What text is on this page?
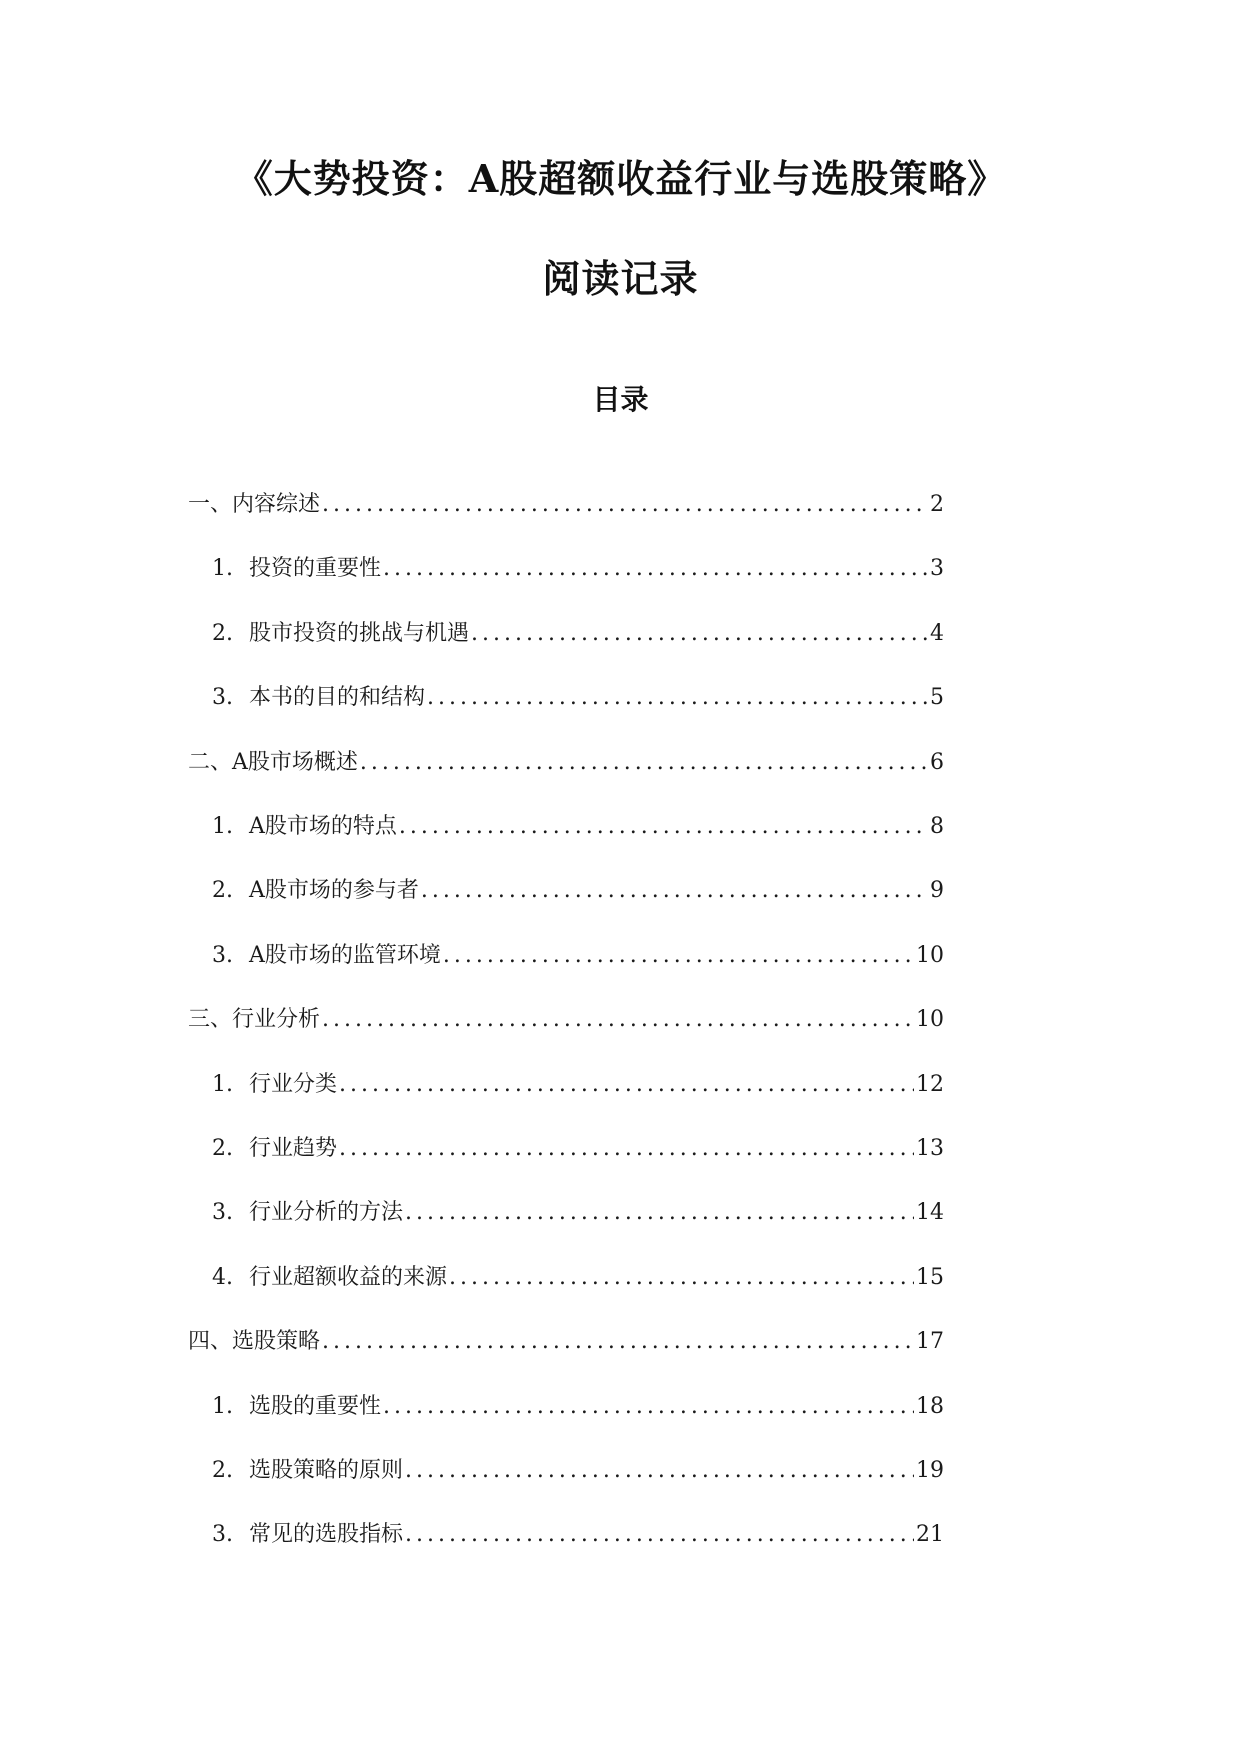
《大势投资：A股超额收益行业与选股策略》
阅读记录
目录
一、内容综述 .....	2
1. 投资的重要性 .....	3
2. 股市投资的挑战与机遇 .....	4
3. 本书的目的和结构 .....	5
二、A股市场概述 .....	6
1. A股市场的特点 .....	8
2. A股市场的参与者 .....	9
3. A股市场的监管环境 .....	10
三、行业分析 .....	10
1. 行业分类 .....	12
2. 行业趋势 .....	13
3. 行业分析的方法 .....	14
4. 行业超额收益的来源 .....	15
四、选股策略 .....	17
1. 选股的重要性 .....	18
2. 选股策略的原则 .....	19
3. 常见的选股指标 .....	21
